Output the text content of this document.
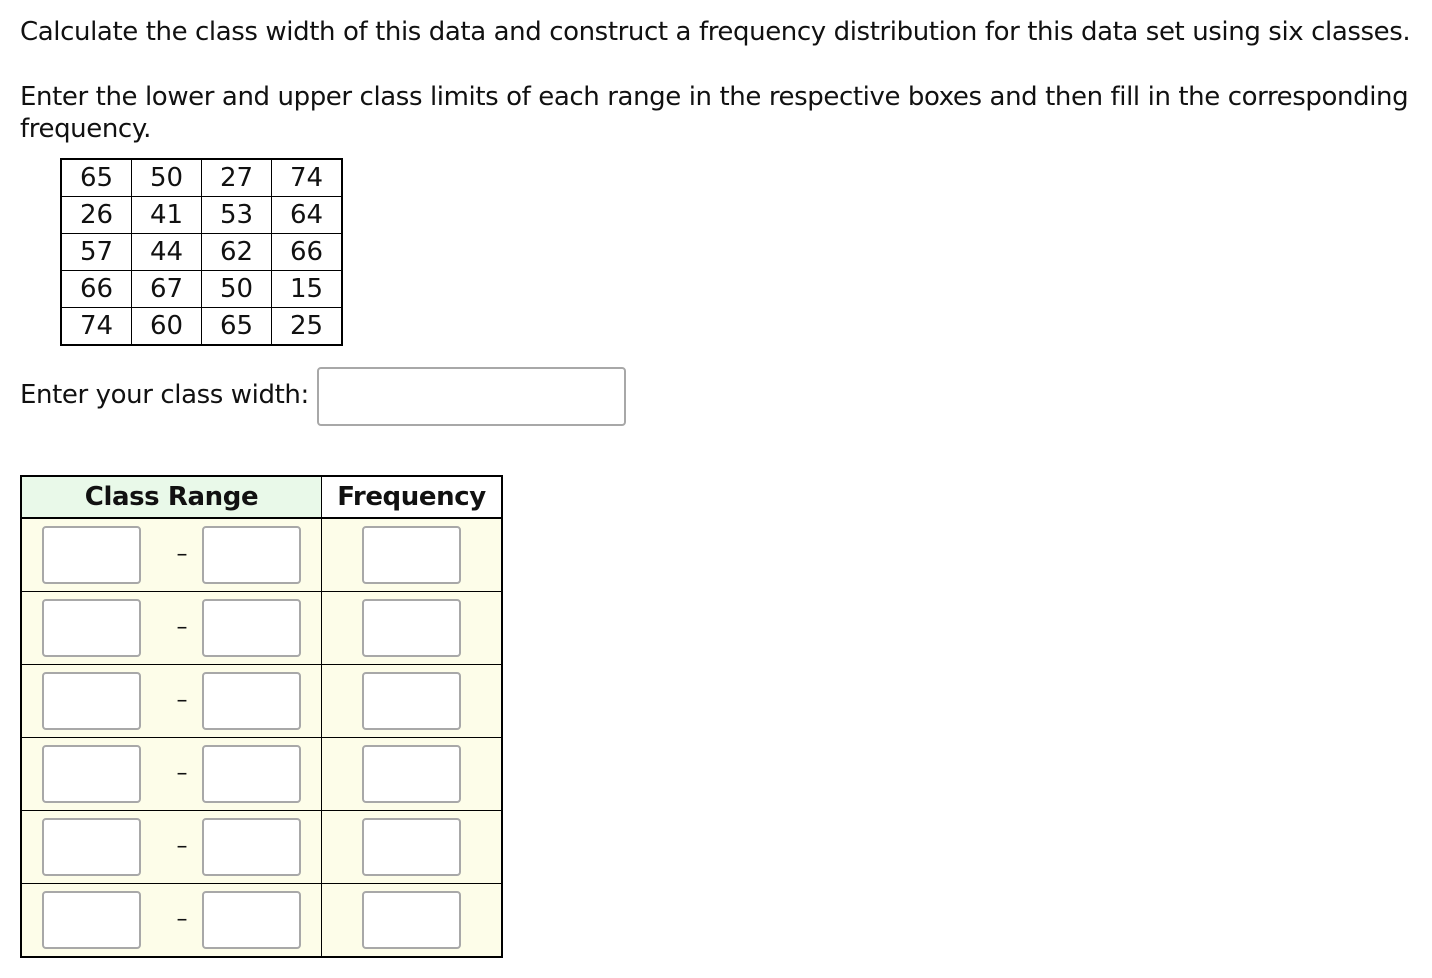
Calculate the class width of this data and construct a frequency distribution for this data set using six classes.

Enter the lower and upper class limits of each range in the respective boxes and then fill in the corresponding

frequency.

65	50	27	74
26	41	53	64
57	44	62	66
66	67	50	15
74	60	65	25
Enter your class width:
Class Range	Frequency

–

–

–

–

–

–
